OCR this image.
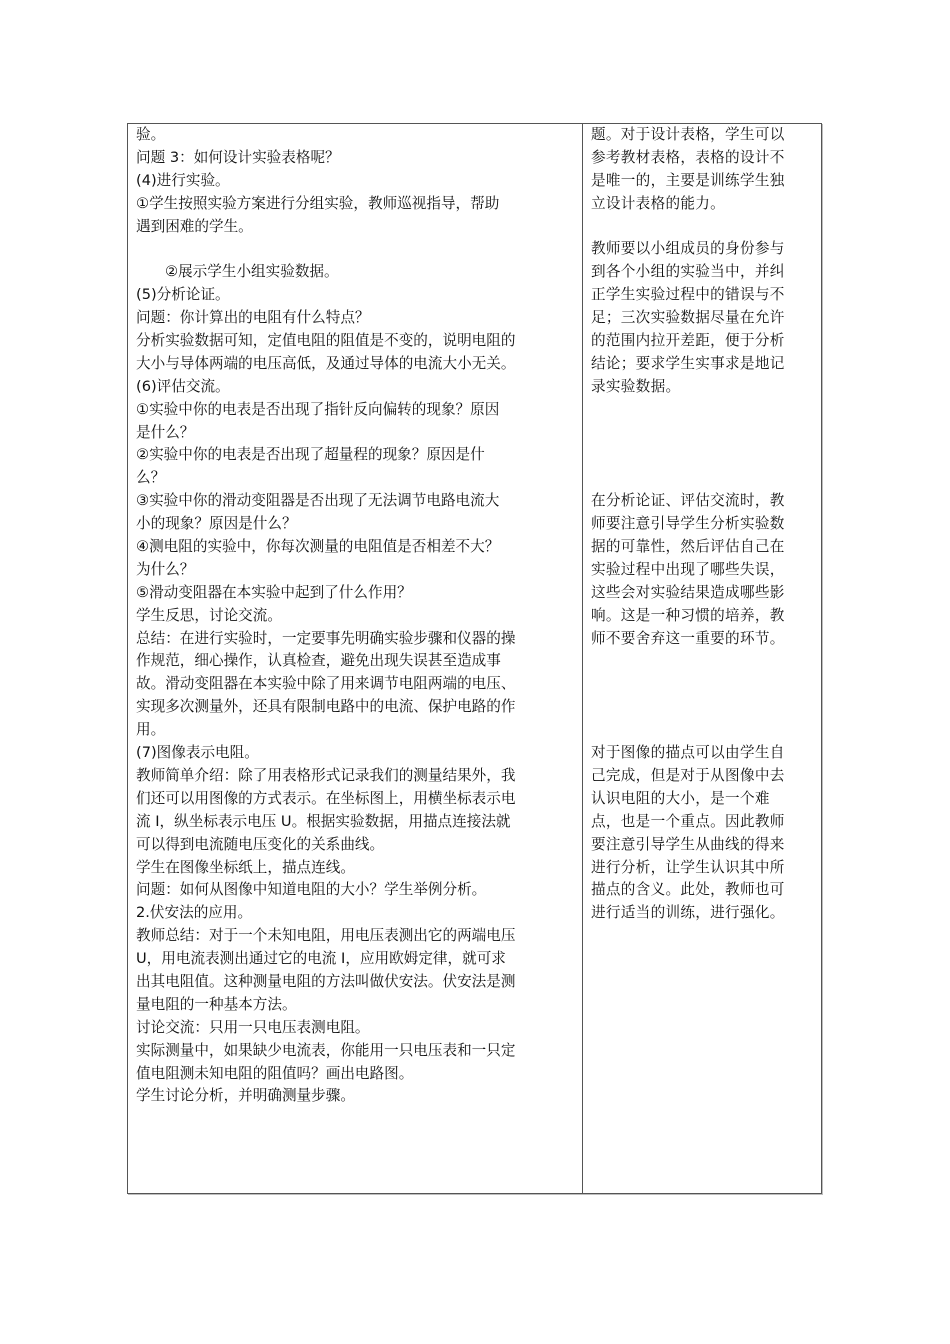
验。
问题 3：如何设计实验表格呢？
(4)进行实验。
①学生按照实验方案进行分组实验，教师巡视指导，帮助
遇到困难的学生。
②展示学生小组实验数据。
(5)分析论证。
问题：你计算出的电阻有什么特点？
分析实验数据可知，定值电阻的阻值是不变的，说明电阻的
大小与导体两端的电压高低，及通过导体的电流大小无关。
(6)评估交流。
①实验中你的电表是否出现了指针反向偏转的现象？原因
是什么？
②实验中你的电表是否出现了超量程的现象？原因是什
么？
③实验中你的滑动变阻器是否出现了无法调节电路电流大
小的现象？原因是什么？
④测电阻的实验中，你每次测量的电阻值是否相差不大？
为什么？
⑤滑动变阻器在本实验中起到了什么作用？
学生反思，讨论交流。
总结：在进行实验时，一定要事先明确实验步骤和仪器的操
作规范，细心操作，认真检查，避免出现失误甚至造成事
故。滑动变阻器在本实验中除了用来调节电阻两端的电压、
实现多次测量外，还具有限制电路中的电流、保护电路的作
用。
(7)图像表示电阻。
教师简单介绍：除了用表格形式记录我们的测量结果外，我
们还可以用图像的方式表示。在坐标图上，用横坐标表示电
流 I，纵坐标表示电压 U。根据实验数据，用描点连接法就
可以得到电流随电压变化的关系曲线。
学生在图像坐标纸上，描点连线。
问题：如何从图像中知道电阻的大小？学生举例分析。
2.伏安法的应用。
教师总结：对于一个未知电阻，用电压表测出它的两端电压
U，用电流表测出通过它的电流 I，应用欧姆定律，就可求
出其电阻值。这种测量电阻的方法叫做伏安法。伏安法是测
量电阻的一种基本方法。
讨论交流：只用一只电压表测电阻。
实际测量中，如果缺少电流表，你能用一只电压表和一只定
值电阻测未知电阻的阻值吗？画出电路图。
学生讨论分析，并明确测量步骤。
题。对于设计表格，学生可以
参考教材表格，表格的设计不
是唯一的，主要是训练学生独
立设计表格的能力。
教师要以小组成员的身份参与
到各个小组的实验当中，并纠
正学生实验过程中的错误与不
足；三次实验数据尽量在允许
的范围内拉开差距，便于分析
结论；要求学生实事求是地记
录实验数据。
在分析论证、评估交流时，教
师要注意引导学生分析实验数
据的可靠性，然后评估自己在
实验过程中出现了哪些失误，
这些会对实验结果造成哪些影
响。这是一种习惯的培养，教
师不要舍弃这一重要的环节。
对于图像的描点可以由学生自
己完成，但是对于从图像中去
认识电阻的大小，是一个难
点，也是一个重点。因此教师
要注意引导学生从曲线的得来
进行分析，让学生认识其中所
描点的含义。此处，教师也可
进行适当的训练，进行强化。
